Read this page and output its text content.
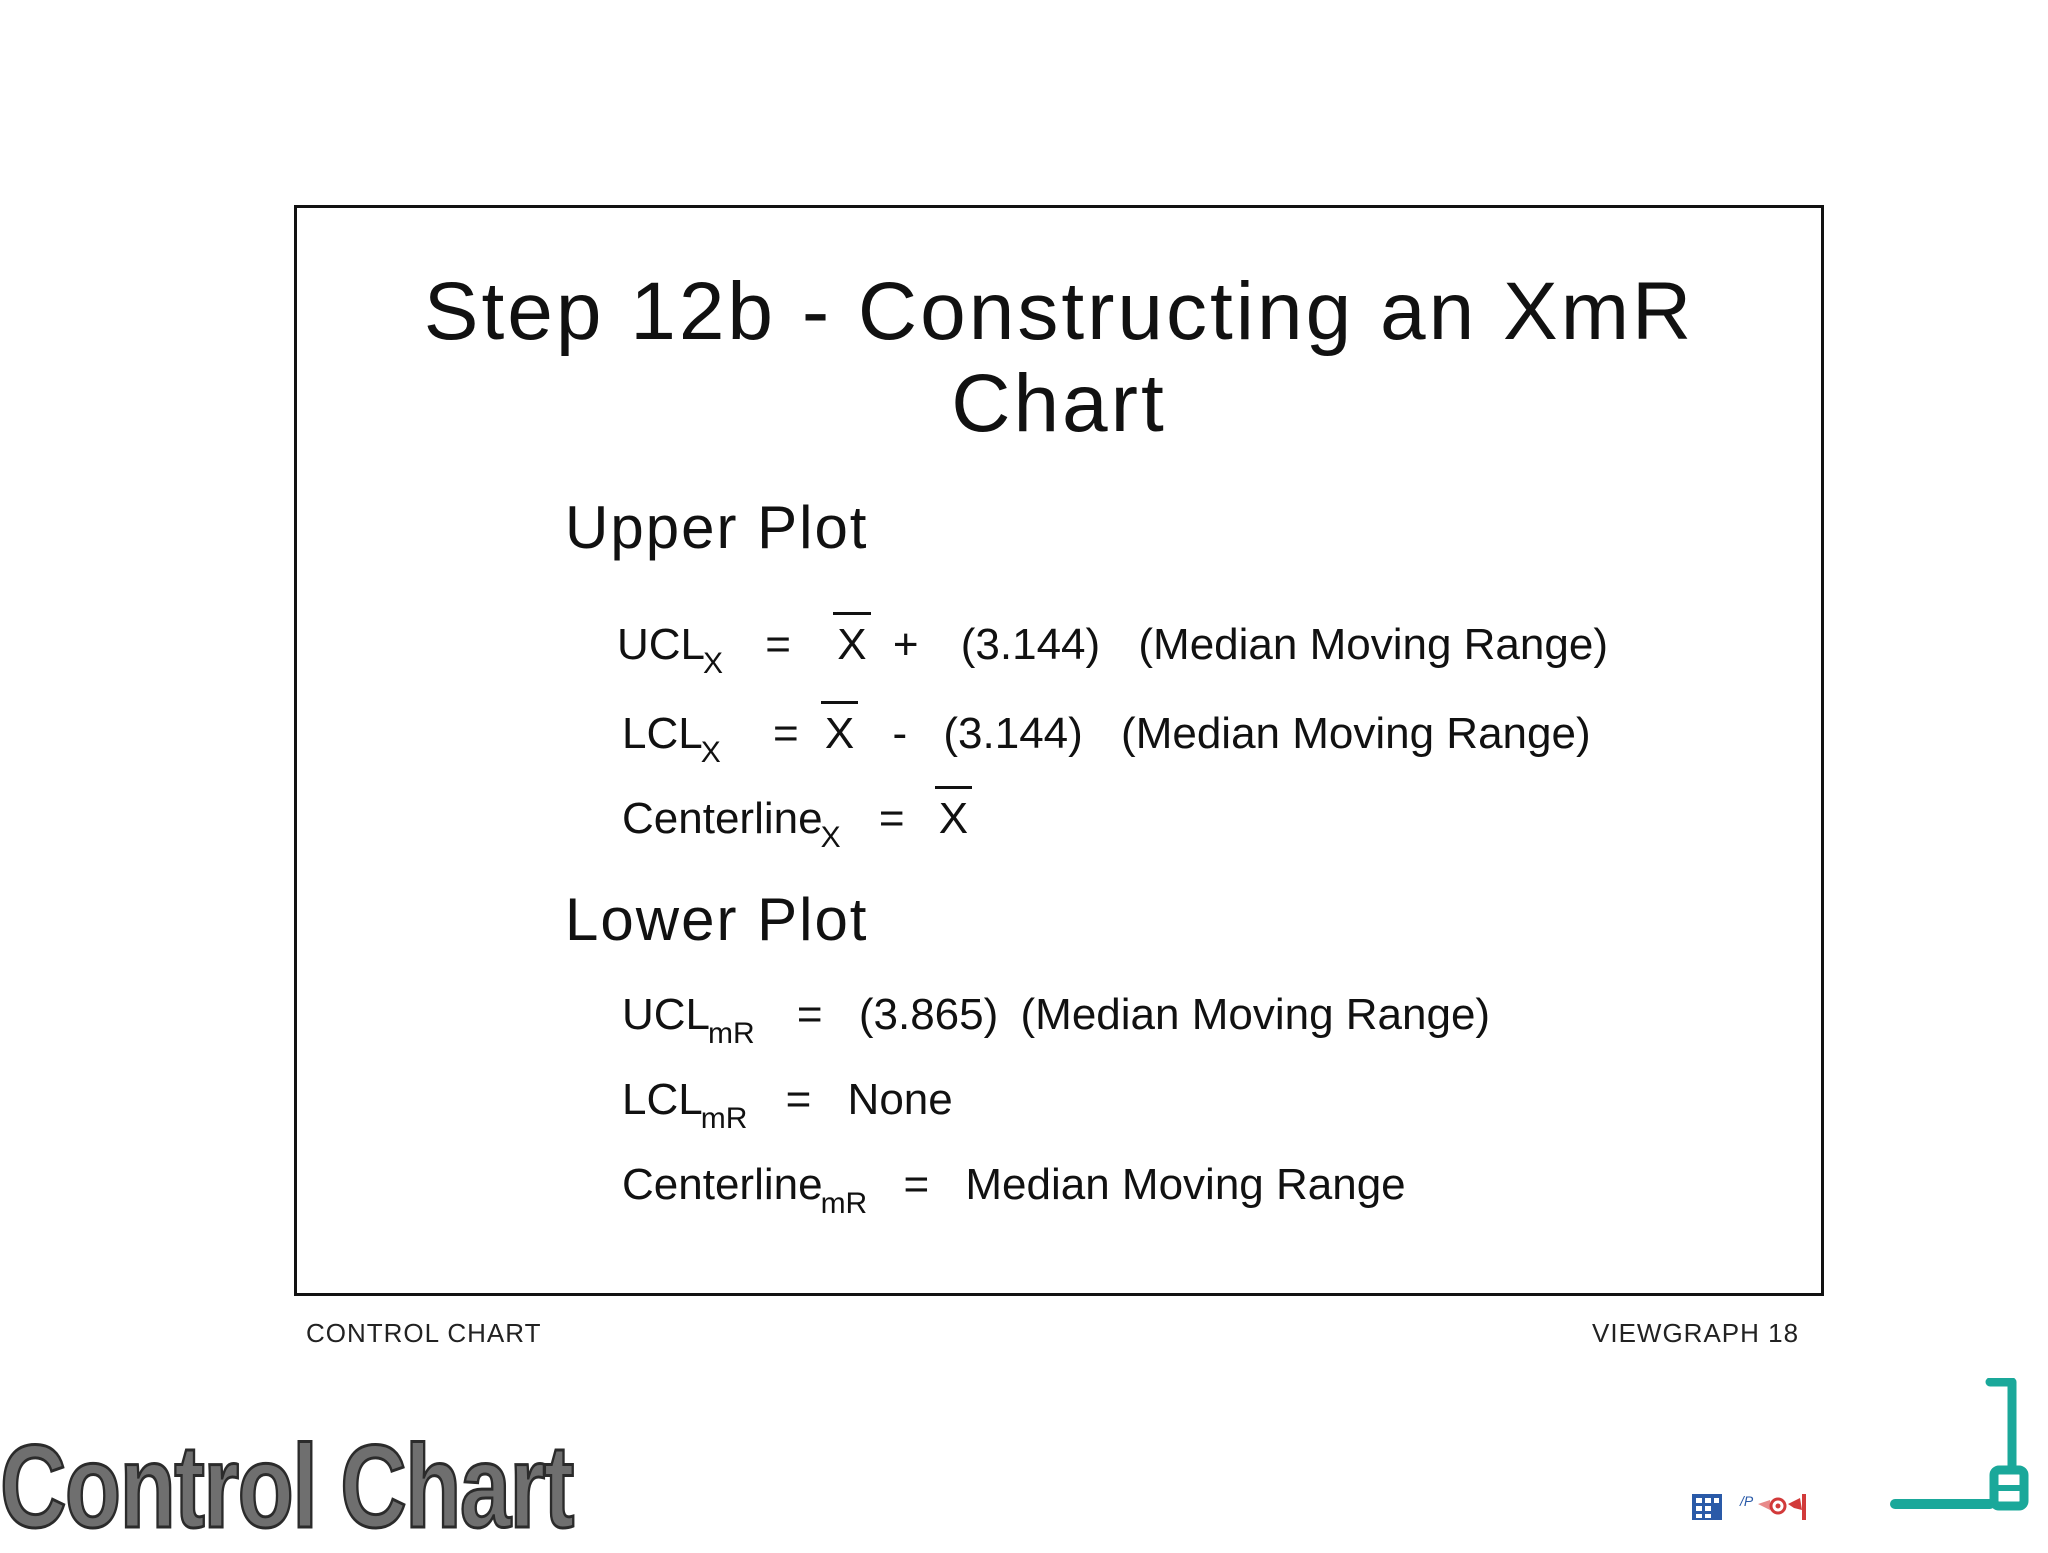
Step 12b - Constructing an XmR
Chart
Upper Plot
$UCL_X = X + (3.144)$ (Median Moving Range)
$LCL_X = X - (3.144)$ (Median Moving Range)
Centerline$_X$ = X
Lower Plot
$UCL_{mR} = (3.865)$ (Median Moving Range)
$LCL_{mR}$ = None
Centerline$_{mR}$ = Median Moving Range
CONTROL CHART	VIEWGRAPH 18
Control Chart	/P
